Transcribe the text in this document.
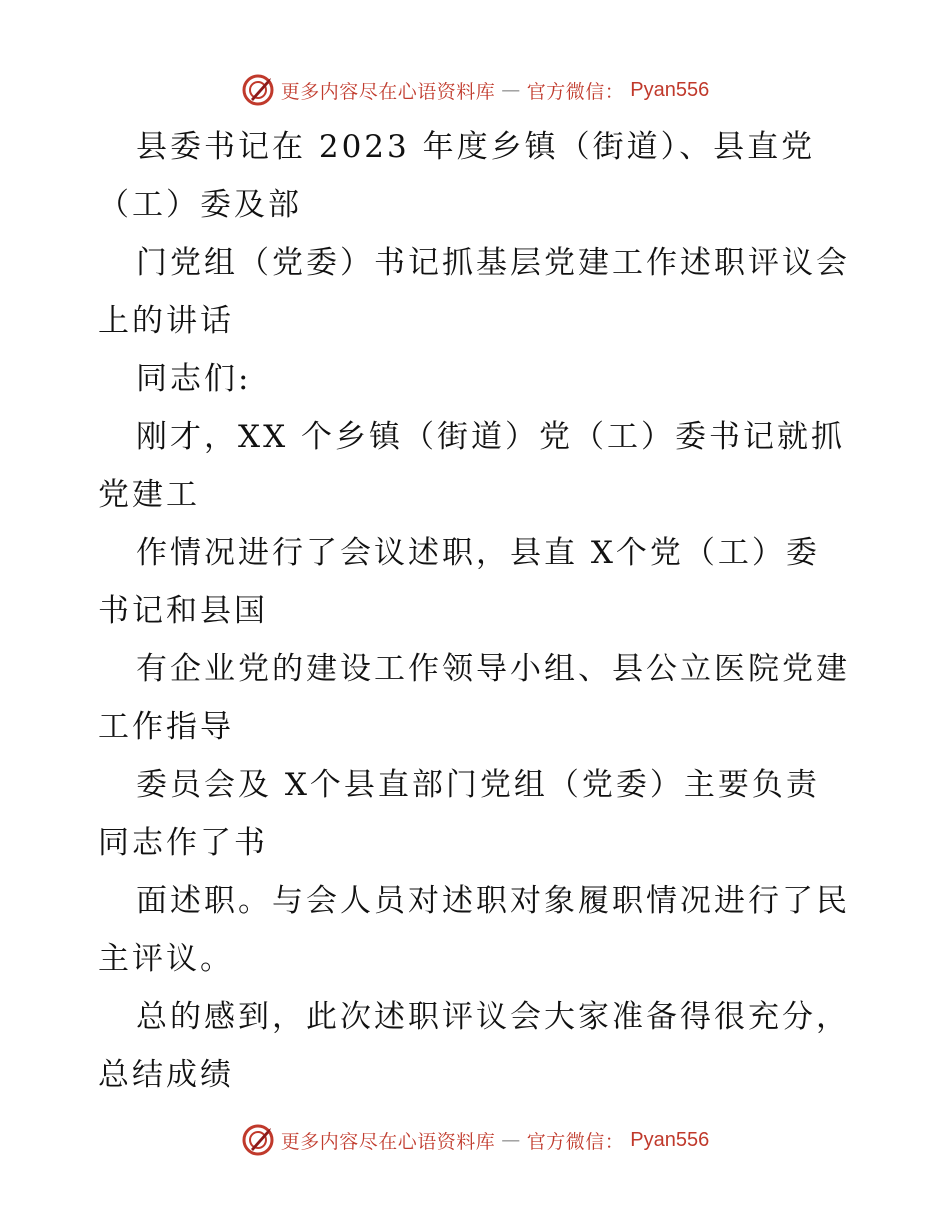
更多内容尽在心语资料库 — 官方微信： Pyan556
县委书记在 2023 年度乡镇（街道）、县直党
（工）委及部
门党组（党委）书记抓基层党建工作述职评议会
上的讲话
同志们:
刚才，XX 个乡镇（街道）党（工）委书记就抓
党建工
作情况进行了会议述职，县直 X个党（工）委
书记和县国
有企业党的建设工作领导小组、县公立医院党建
工作指导
委员会及 X个县直部门党组（党委）主要负责
同志作了书
面述职。与会人员对述职对象履职情况进行了民
主评议。
总的感到，此次述职评议会大家准备得很充分，
总结成绩
更多内容尽在心语资料库 — 官方微信： Pyan556
